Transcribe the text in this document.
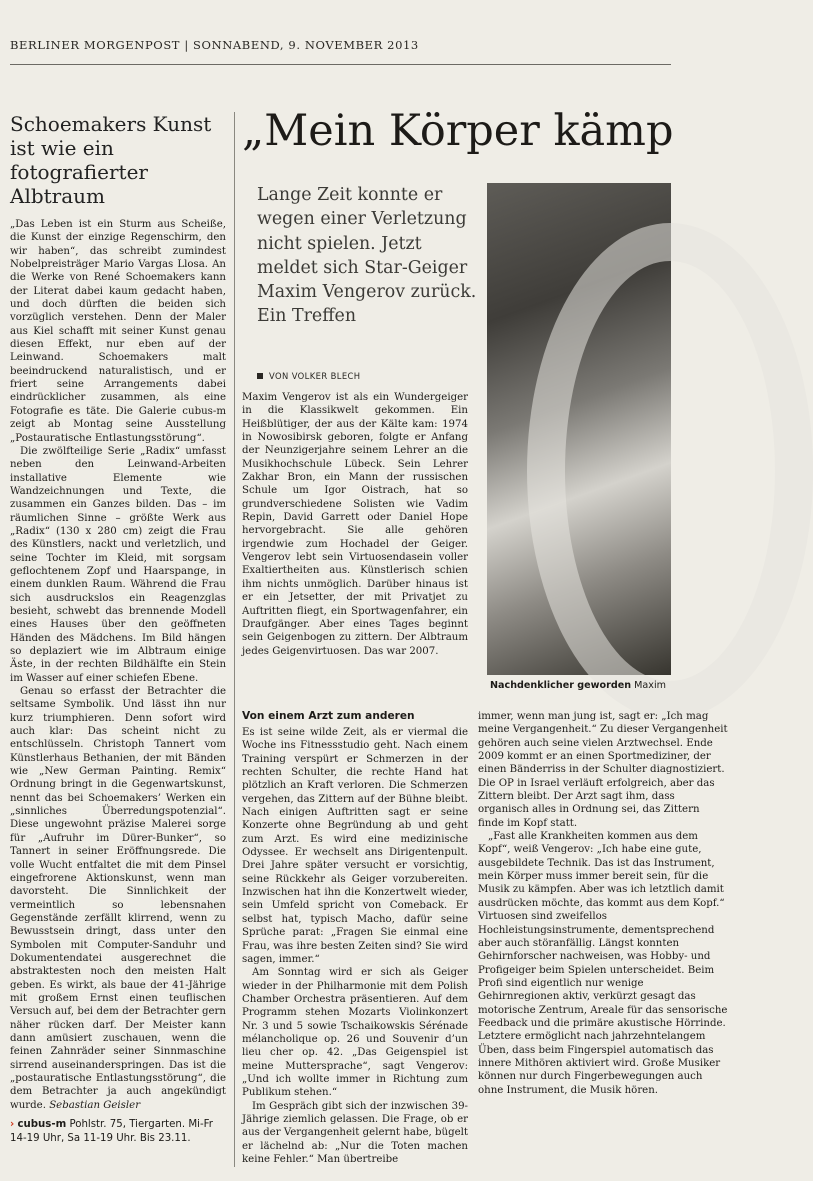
BERLINER MORGENPOST | SONNABEND, 9. NOVEMBER 2013
Schoemakers Kunst ist wie ein fotografierter Albtraum

„Das Leben ist ein Sturm aus Scheiße, die Kunst der einzige Regenschirm, den wir haben“, das schreibt zumindest Nobelpreisträger Mario Vargas Llosa. An die Werke von René Schoemakers kann der Literat dabei kaum gedacht haben, und doch dürften die beiden sich vorzüglich verstehen. Denn der Maler aus Kiel schafft mit seiner Kunst genau diesen Effekt, nur eben auf der Leinwand. Schoemakers malt beeindruckend naturalistisch, und er friert seine Arrangements dabei eindrücklicher zusammen, als eine Fotografie es täte. Die Galerie cubus-m zeigt ab Montag seine Ausstellung „Postauratische Entlastungsstörung“.

Die zwölfteilige Serie „Radix“ umfasst neben den Leinwand-Arbeiten installative Elemente wie Wandzeichnungen und Texte, die zusammen ein Ganzes bilden. Das – im räumlichen Sinne – größte Werk aus „Radix“ (130 x 280 cm) zeigt die Frau des Künstlers, nackt und verletzlich, und seine Tochter im Kleid, mit sorgsam geflochtenem Zopf und Haarspange, in einem dunklen Raum. Während die Frau sich ausdruckslos ein Reagenzglas besieht, schwebt das brennende Modell eines Hauses über den geöffneten Händen des Mädchens. Im Bild hängen so deplaziert wie im Albtraum einige Äste, in der rechten Bildhälfte ein Stein im Wasser auf einer schiefen Ebene.

Genau so erfasst der Betrachter die seltsame Symbolik. Und lässt ihn nur kurz triumphieren. Denn sofort wird auch klar: Das scheint nicht zu entschlüsseln. Christoph Tannert vom Künstlerhaus Bethanien, der mit Bänden wie „New German Painting. Remix“ Ordnung bringt in die Gegenwartskunst, nennt das bei Schoemakers’ Werken ein „sinnliches Überredungspotenzial“. Diese ungewohnt präzise Malerei sorge für „Aufruhr im Dürer-Bunker“, so Tannert in seiner Eröffnungsrede. Die volle Wucht entfaltet die mit dem Pinsel eingefrorene Aktionskunst, wenn man davorsteht. Die Sinnlichkeit der vermeintlich so lebensnahen Gegenstände zerfällt klirrend, wenn zu Bewusstsein dringt, dass unter den Symbolen mit Computer-Sanduhr und Dokumentendatei ausgerechnet die abstraktesten noch den meisten Halt geben. Es wirkt, als baue der 41-Jährige mit großem Ernst einen teuflischen Versuch auf, bei dem der Betrachter gern näher rücken darf. Der Meister kann dann amüsiert zuschauen, wenn die feinen Zahnräder seiner Sinnmaschine sirrend auseinanderspringen. Das ist die „postauratische Entlastungsstörung“, die dem Betrachter ja auch angekündigt wurde. Sebastian Geisler

› cubus-m Pohlstr. 75, Tiergarten. Mi-Fr 14-19 Uhr, Sa 11-19 Uhr. Bis 23.11.
„Mein Körper kämp
Lange Zeit konnte er wegen einer Verletzung nicht spielen. Jetzt meldet sich Star-Geiger Maxim Vengerov zurück. Ein Treffen
VON VOLKER BLECH

Maxim Vengerov ist als ein Wundergeiger in die Klassikwelt gekommen. Ein Heißblütiger, der aus der Kälte kam: 1974 in Nowosibirsk geboren, folgte er Anfang der Neunzigerjahre seinem Lehrer an die Musikhochschule Lübeck. Sein Lehrer Zakhar Bron, ein Mann der russischen Schule um Igor Oistrach, hat so grundverschiedene Solisten wie Vadim Repin, David Garrett oder Daniel Hope hervorgebracht. Sie alle gehören irgendwie zum Hochadel der Geiger. Vengerov lebt sein Virtuosendasein voller Exaltiertheiten aus. Künstlerisch schien ihm nichts unmöglich. Darüber hinaus ist er ein Jetsetter, der mit Privatjet zu Auftritten fliegt, ein Sportwagenfahrer, ein Draufgänger. Aber eines Tages beginnt sein Geigenbogen zu zittern. Der Albtraum jedes Geigenvirtuosen. Das war 2007.

Von einem Arzt zum anderen

Es ist seine wilde Zeit, als er viermal die Woche ins Fitnessstudio geht. Nach einem Training verspürt er Schmerzen in der rechten Schulter, die rechte Hand hat plötzlich an Kraft verloren. Die Schmerzen vergehen, das Zittern auf der Bühne bleibt. Nach einigen Auftritten sagt er seine Konzerte ohne Begründung ab und geht zum Arzt. Es wird eine medizinische Odyssee. Er wechselt ans Dirigentenpult. Drei Jahre später versucht er vorsichtig, seine Rückkehr als Geiger vorzubereiten. Inzwischen hat ihn die Konzertwelt wieder, sein Umfeld spricht von Comeback. Er selbst hat, typisch Macho, dafür seine Sprüche parat: „Fragen Sie einmal eine Frau, was ihre besten Zeiten sind? Sie wird sagen, immer.“

Am Sonntag wird er sich als Geiger wieder in der Philharmonie mit dem Polish Chamber Orchestra präsentieren. Auf dem Programm stehen Mozarts Violinkonzert Nr. 3 und 5 sowie Tschaikowskis Sérénade mélancholique op. 26 und Souvenir d’un lieu cher op. 42. „Das Geigenspiel ist meine Muttersprache“, sagt Vengerov: „Und ich wollte immer in Richtung zum Publikum stehen.“

Im Gespräch gibt sich der inzwischen 39-Jährige ziemlich gelassen. Die Frage, ob er aus der Vergangenheit gelernt habe, bügelt er lächelnd ab: „Nur die Toten machen keine Fehler.“ Man übertreibe

Nachdenklicher geworden Maxim

immer, wenn man jung ist, sagt er: „Ich mag meine Vergangenheit.“ Zu dieser Vergangenheit gehören auch seine vielen Arztwechsel. Ende 2009 kommt er an einen Sportmediziner, der einen Bänderriss in der Schulter diagnostiziert. Die OP in Israel verläuft erfolgreich, aber das Zittern bleibt. Der Arzt sagt ihm, dass organisch alles in Ordnung sei, das Zittern finde im Kopf statt.

„Fast alle Krankheiten kommen aus dem Kopf“, weiß Vengerov: „Ich habe eine gute, ausgebildete Technik. Das ist das Instrument, mein Körper muss immer bereit sein, für die Musik zu kämpfen. Aber was ich letztlich damit ausdrücken möchte, das kommt aus dem Kopf.“ Virtuosen sind zweifellos Hochleistungsinstrumente, dementsprechend aber auch störanfällig. Längst konnten Gehirnforscher nachweisen, was Hobby- und Profigeiger beim Spielen unterscheidet. Beim Profi sind eigentlich nur wenige Gehirnregionen aktiv, verkürzt gesagt das motorische Zentrum, Areale für das sensorische Feedback und die primäre akustische Hörrinde. Letztere ermöglicht nach jahrzehntelangem Üben, dass beim Fingerspiel automatisch das innere Mithören aktiviert wird. Große Musiker können nur durch Fingerbewegungen auch ohne Instrument, die Musik hören.
